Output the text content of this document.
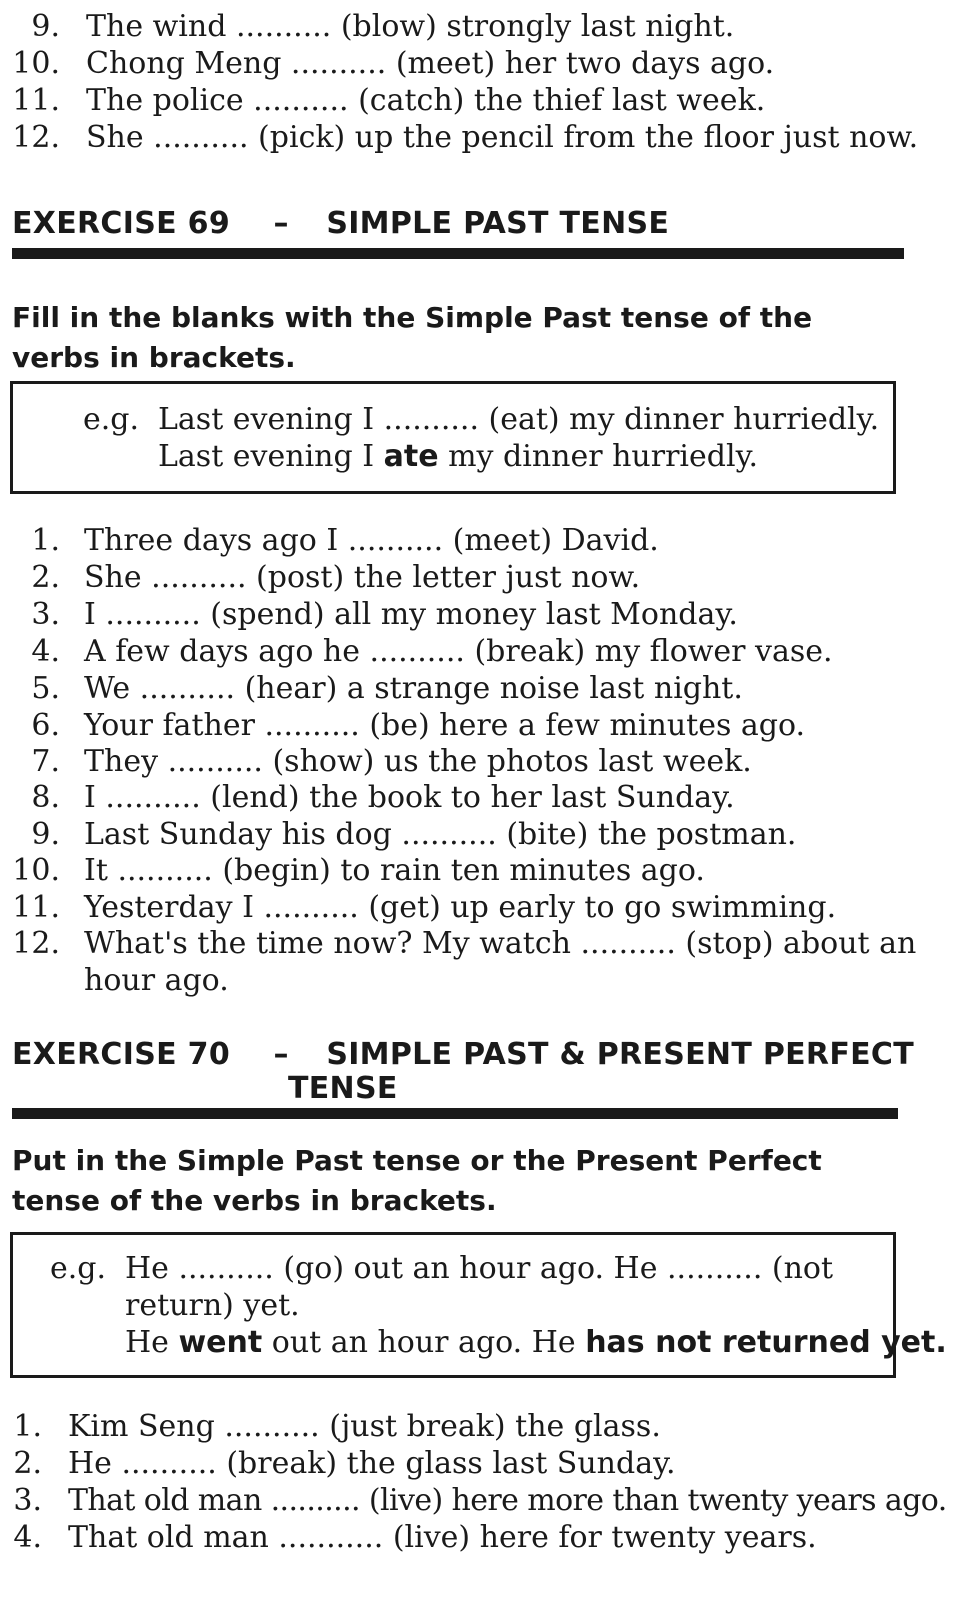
9. The wind .......... (blow) strongly last night.
10. Chong Meng .......... (meet) her two days ago.
11. The police .......... (catch) the thief last week.
12. She .......... (pick) up the pencil from the floor just now.
EXERCISE 69 – SIMPLE PAST TENSE
Fill in the blanks with the Simple Past tense of the verbs in brackets.
e.g. Last evening I .......... (eat) my dinner hurriedly.
Last evening I ate my dinner hurriedly.
1. Three days ago I .......... (meet) David.
2. She .......... (post) the letter just now.
3. I .......... (spend) all my money last Monday.
4. A few days ago he .......... (break) my flower vase.
5. We .......... (hear) a strange noise last night.
6. Your father .......... (be) here a few minutes ago.
7. They .......... (show) us the photos last week.
8. I .......... (lend) the book to her last Sunday.
9. Last Sunday his dog .......... (bite) the postman.
10. It .......... (begin) to rain ten minutes ago.
11. Yesterday I .......... (get) up early to go swimming.
12. What's the time now? My watch .......... (stop) about an
hour ago.
EXERCISE 70 – SIMPLE PAST & PRESENT PERFECT
TENSE
Put in the Simple Past tense or the Present Perfect tense of the verbs in brackets.
e.g. He .......... (go) out an hour ago. He .......... (not
return) yet.
He went out an hour ago. He has not returned yet.
1. Kim Seng .......... (just break) the glass.
2. He .......... (break) the glass last Sunday.
3. That old man .......... (live) here more than twenty years ago.
4. That old man ........... (live) here for twenty years.
